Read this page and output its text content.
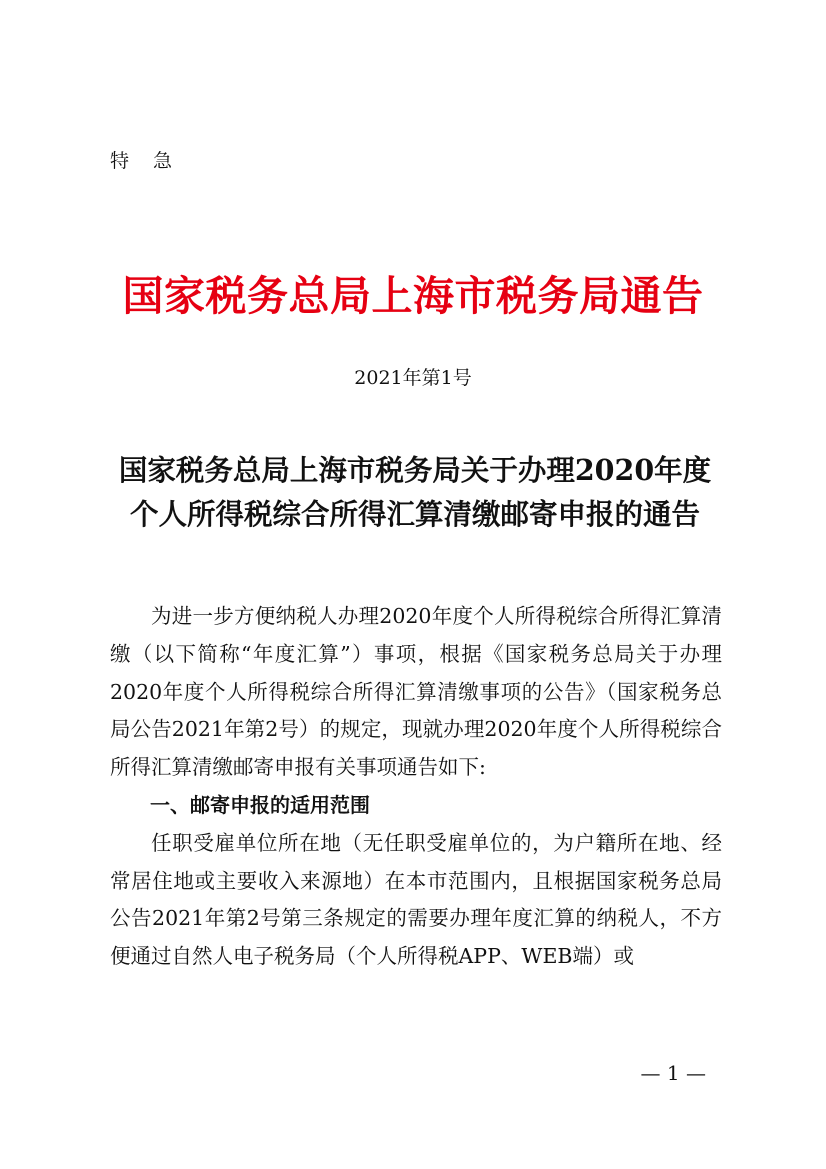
特急
国家税务总局上海市税务局通告
2021年第1号
国家税务总局上海市税务局关于办理2020年度
个人所得税综合所得汇算清缴邮寄申报的通告

为进一步方便纳税人办理2020年度个人所得税综合所得汇算清缴（以下简称“年度汇算”）事项，根据《国家税务总局关于办理2020年度个人所得税综合所得汇算清缴事项的公告》（国家税务总局公告2021年第2号）的规定，现就办理2020年度个人所得税综合所得汇算清缴邮寄申报有关事项通告如下:

一、邮寄申报的适用范围

任职受雇单位所在地（无任职受雇单位的，为户籍所在地、经常居住地或主要收入来源地）在本市范围内，且根据国家税务总局公告2021年第2号第三条规定的需要办理年度汇算的纳税人，不方便通过自然人电子税务局（个人所得税APP、WEB端）或

— 1 —
